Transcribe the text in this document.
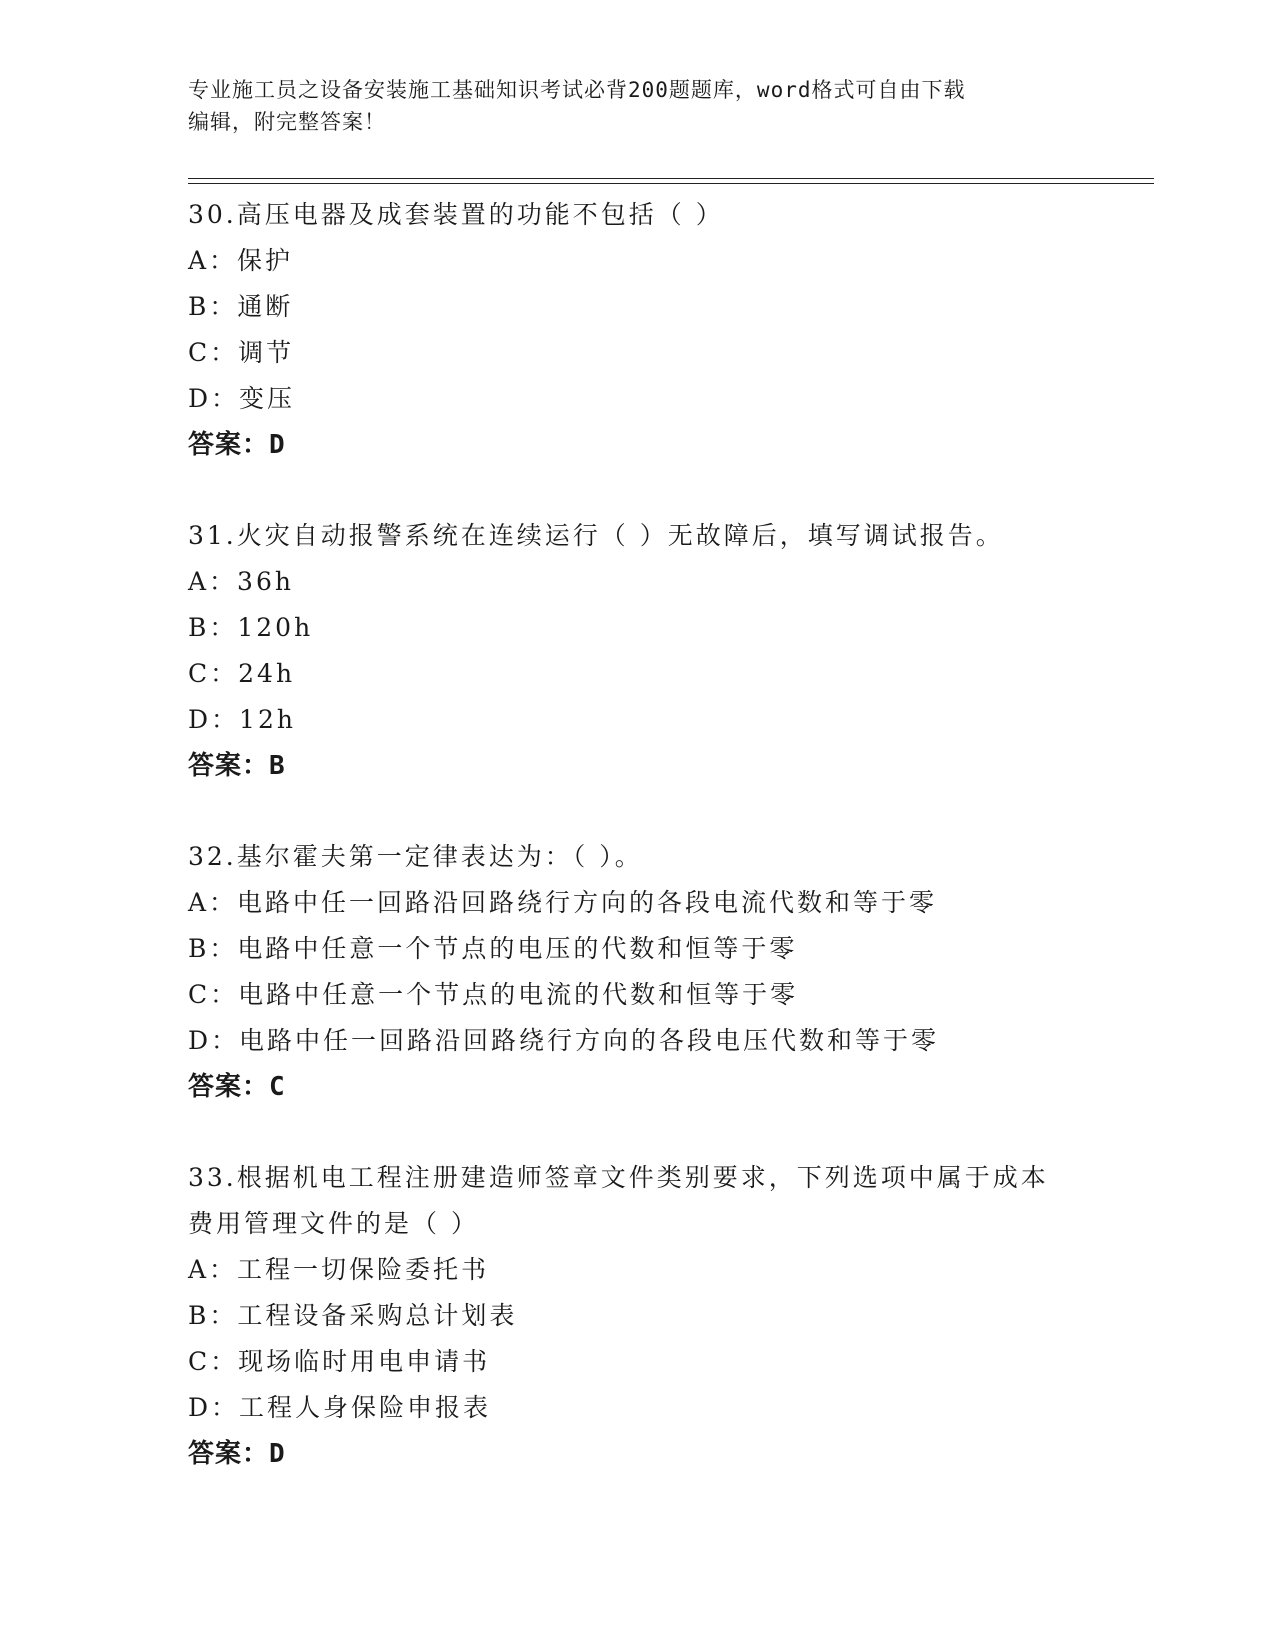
专业施工员之设备安装施工基础知识考试必背200题题库，word格式可自由下载
编辑，附完整答案！
30.高压电器及成套装置的功能不包括（ ）
A：保护
B：通断
C：调节
D：变压
答案：D
31.火灾自动报警系统在连续运行（ ）无故障后，填写调试报告。
A：36h
B：120h
C：24h
D：12h
答案：B
32.基尔霍夫第一定律表达为：（ ）。
A：电路中任一回路沿回路绕行方向的各段电流代数和等于零
B：电路中任意一个节点的电压的代数和恒等于零
C：电路中任意一个节点的电流的代数和恒等于零
D：电路中任一回路沿回路绕行方向的各段电压代数和等于零
答案：C
33.根据机电工程注册建造师签章文件类别要求，下列选项中属于成本
费用管理文件的是（ ）
A：工程一切保险委托书
B：工程设备采购总计划表
C：现场临时用电申请书
D：工程人身保险申报表
答案：D
